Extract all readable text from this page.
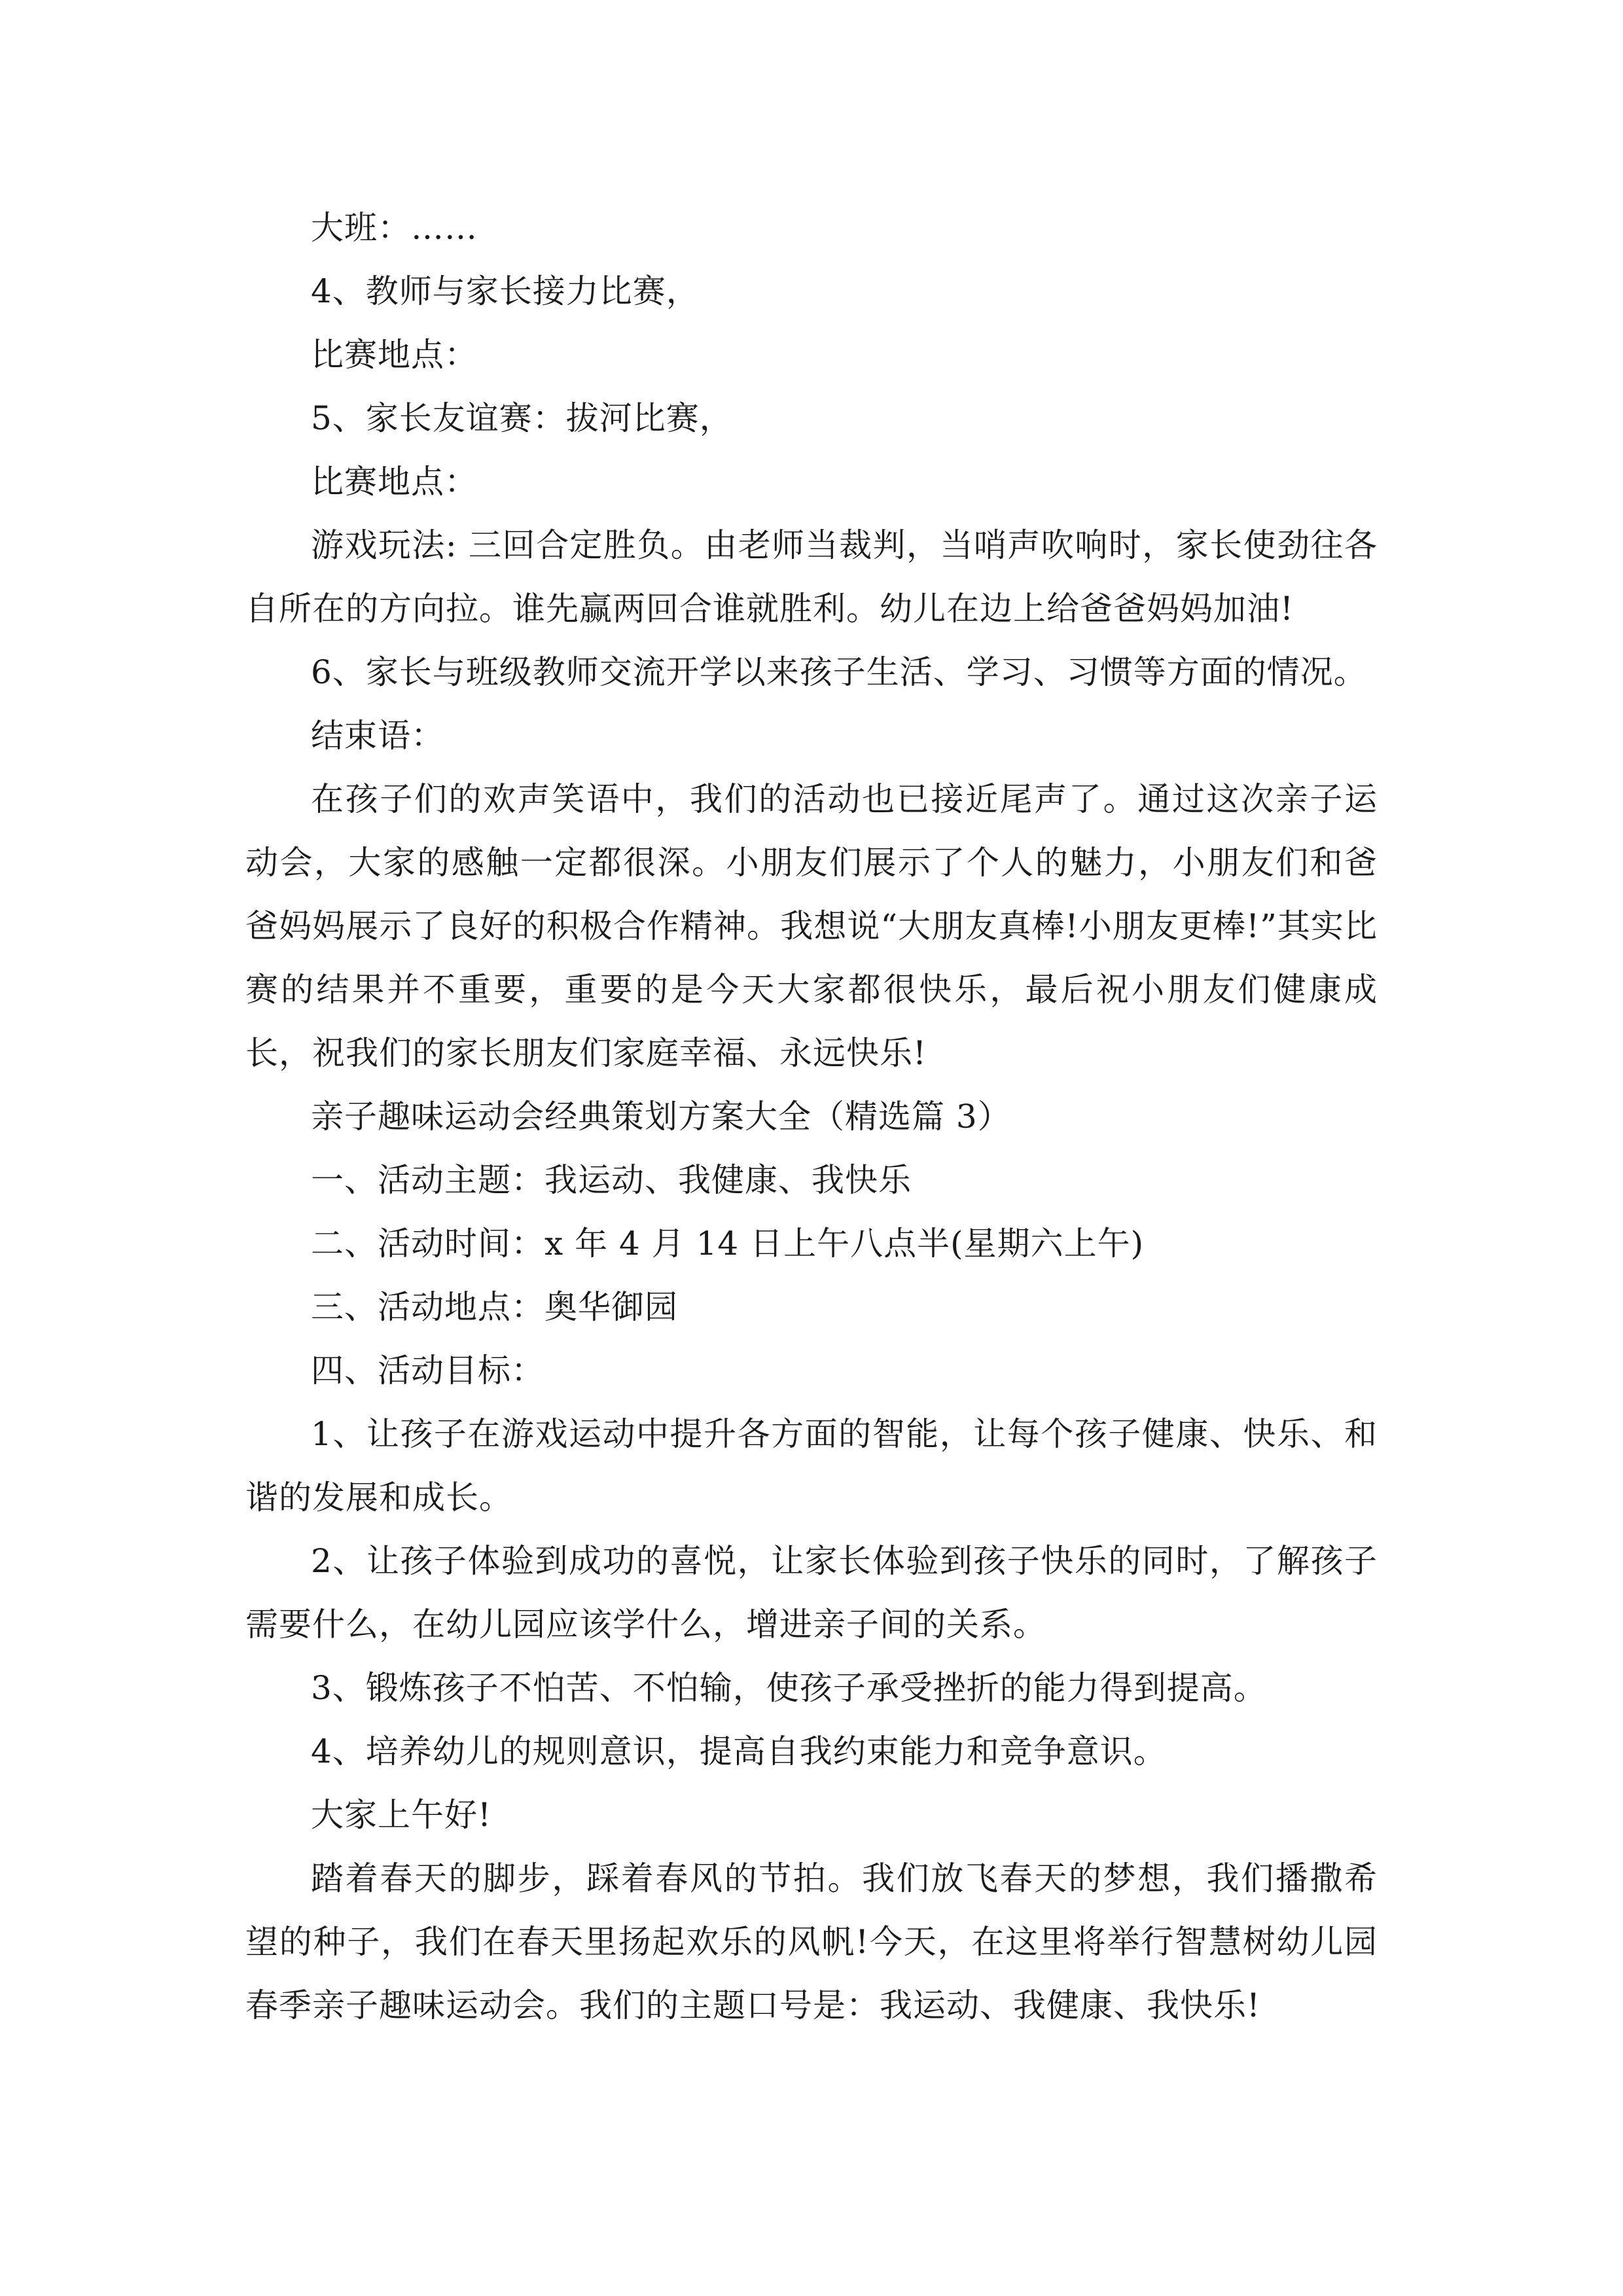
大班：……

4、教师与家长接力比赛，

比赛地点：

5、家长友谊赛：拔河比赛，

比赛地点：

游戏玩法: 三回合定胜负。由老师当裁判，当哨声吹响时，家长使劲往各自所在的方向拉。谁先赢两回合谁就胜利。幼儿在边上给爸爸妈妈加油!

6、家长与班级教师交流开学以来孩子生活、学习、习惯等方面的情况。

结束语：

在孩子们的欢声笑语中，我们的活动也已接近尾声了。通过这次亲子运动会，大家的感触一定都很深。小朋友们展示了个人的魅力，小朋友们和爸爸妈妈展示了良好的积极合作精神。我想说“大朋友真棒!小朋友更棒!”其实比赛的结果并不重要，重要的是今天大家都很快乐，最后祝小朋友们健康成长，祝我们的家长朋友们家庭幸福、永远快乐!

亲子趣味运动会经典策划方案大全（精选篇 3）

一、活动主题：我运动、我健康、我快乐

二、活动时间：x 年 4 月 14 日上午八点半(星期六上午)

三、活动地点：奥华御园

四、活动目标：

1、让孩子在游戏运动中提升各方面的智能，让每个孩子健康、快乐、和谐的发展和成长。

2、让孩子体验到成功的喜悦，让家长体验到孩子快乐的同时，了解孩子需要什么，在幼儿园应该学什么，增进亲子间的关系。

3、锻炼孩子不怕苦、不怕输，使孩子承受挫折的能力得到提高。

4、培养幼儿的规则意识，提高自我约束能力和竞争意识。

大家上午好!

踏着春天的脚步，踩着春风的节拍。我们放飞春天的梦想，我们播撒希望的种子，我们在春天里扬起欢乐的风帆!今天，在这里将举行智慧树幼儿园春季亲子趣味运动会。我们的主题口号是：我运动、我健康、我快乐!
